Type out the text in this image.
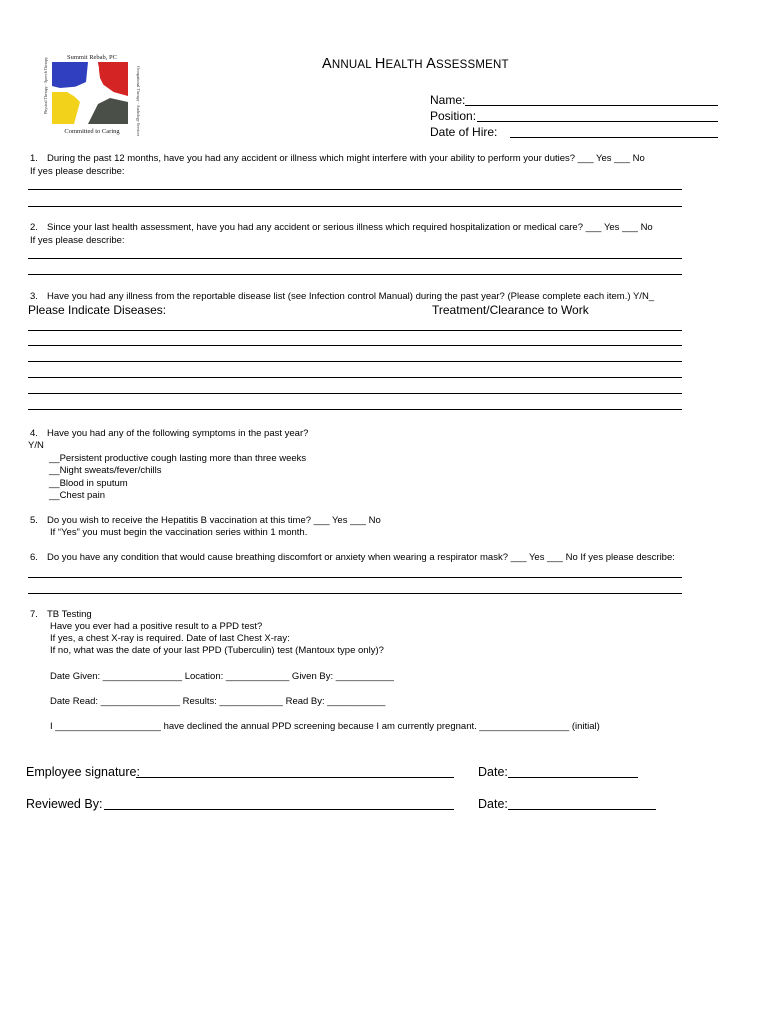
Summit Rebab, PC
Physical Therapy · Speech Therapy	Occupational Therapy · Audiology Services
Committed to Caring
ANNUAL HEALTH ASSESSMENT
Name:
Position:
Date of Hire:
1. During the past 12 months, have you had any accident or illness which might interfere with your ability to perform your duties? ___ Yes ___ No
If yes please describe:
2. Since your last health assessment, have you had any accident or serious illness which required hospitalization or medical care? ___ Yes ___ No
If yes please describe:
3. Have you had any illness from the reportable disease list (see Infection control Manual) during the past year? (Please complete each item.) Y/N_
Please Indicate Diseases:	Treatment/Clearance to Work
4. Have you had any of the following symptoms in the past year?
Y/N
__Persistent productive cough lasting more than three weeks
__Night sweats/fever/chills
__Blood in sputum
__Chest pain
5. Do you wish to receive the Hepatitis B vaccination at this time? ___ Yes ___ No
If “Yes” you must begin the vaccination series within 1 month.
6. Do you have any condition that would cause breathing discomfort or anxiety when wearing a respirator mask? ___ Yes ___ No If yes please describe:
7. TB Testing
Have you ever had a positive result to a PPD test?
If yes, a chest X-ray is required. Date of last Chest X-ray:
If no, what was the date of your last PPD (Tuberculin) test (Mantoux type only)?
Date Given: _______________ Location: ____________ Given By: ___________
Date Read: _______________ Results: ____________ Read By: ___________
I ____________________ have declined the annual PPD screening because I am currently pregnant. _________________ (initial)
Employee signature:	Date:
Reviewed By:	Date:
